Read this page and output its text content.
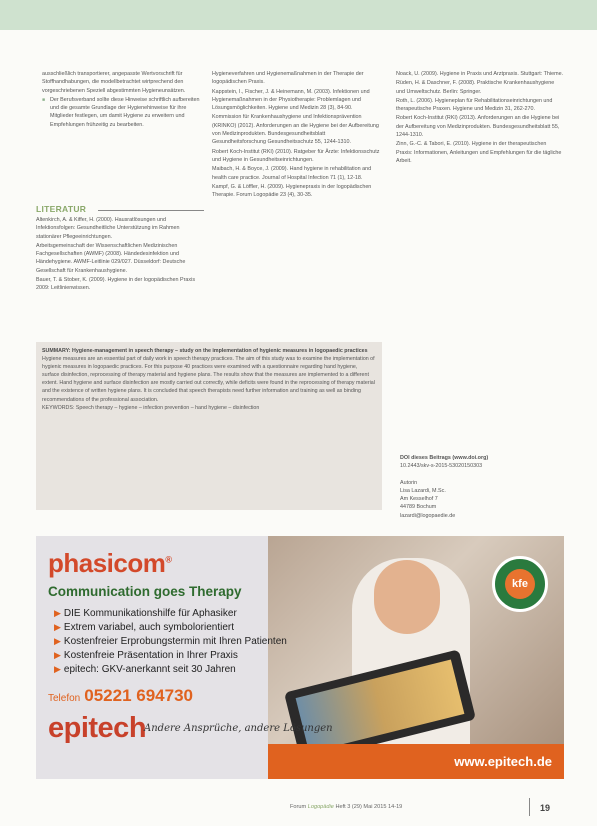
ausschließlich transportierer, angepasste Wertvorschrift für Stoffhandhabungen, die modellbetrachtet wirtprechend den vorgeschriebenen Speziell abgestimmten Hygieneunsätzen.

■ Der Berufsverband sollte diese Hinweise schriftlich aufbereiten und die gesamte Grundlage der Hygienehinweise für ihre Mitglieder festlegen, um damit Hygiene zu erweitern und Empfehlungen frühzeitig zu bearbeiten.

LITERATUR

Altenkirch, A. & Kiffer, H. (2000). Hausratlösungen und Infektionsfolgen: Gesundheitliche Unterstützung im Rahmen stationärer Pflegeeinrichtungen.

Arbeitsgemeinschaft der Wissenschaftlichen Medizinischen Fachgesellschaften (AWMF) (2008). Händedesinfektion und Händehygiene. AWMF-Leitlinie 029/027. Düsseldorf: Deutsche Gesellschaft für Krankenhaushygiene.

Bauer, T. & Stober, K. (2009). Hygiene in der logopädischen Praxis 2009: Leitlinienwissen.

Hygieneverfahren und Hygienemaßnahmen in der Therapie der logopädischen Praxis.

Kappstein, I., Fischer, J. & Heinemann, M. (2003). Infektionen und Hygienemaßnahmen in der Physiotherapie: Problemlagen und Lösungsmöglichkeiten. Hygiene und Medizin 28 (3), 84-90.

Kommission für Krankenhaushygiene und Infektionsprävention (KRINKO) (2012). Anforderungen an die Hygiene bei der Aufbereitung von Medizinprodukten. Bundesgesundheitsblatt Gesundheitsforschung Gesundheitsschutz 55, 1244-1310.

Robert Koch-Institut (RKI) (2010). Ratgeber für Ärzte: Infektionsschutz und Hygiene in Gesundheitseinrichtungen.

Maibach, H. & Boyce, J. (2009). Hand hygiene in rehabilitation and health care practice. Journal of Hospital Infection 71 (1), 12-18.

Kampf, G. & Löffler, H. (2009). Hygienepraxis in der logopädischen Therapie. Forum Logopädie 23 (4), 30-35.

Noack, U. (2009). Hygiene in Praxis und Arztpraxis. Stuttgart: Thieme.

Rüden, H. & Daschner, F. (2008). Praktische Krankenhaushygiene und Umweltschutz. Berlin: Springer.

Roth, L. (2006). Hygieneplan für Rehabilitationseinrichtungen und therapeutische Praxen. Hygiene und Medizin 31, 262-270.

Robert Koch-Institut (RKI) (2013). Anforderungen an die Hygiene bei der Aufbereitung von Medizinprodukten. Bundesgesundheitsblatt 55, 1244-1310.

Zinn, G.-C. & Tabori, E. (2010). Hygiene in der therapeutischen Praxis: Informationen, Anleitungen und Empfehlungen für die tägliche Arbeit.

SUMMARY: Hygiene-management in speech therapy – study on the implementation of hygienic measures in logopaedic practices
Hygiene measures are an essential part of daily work in speech therapy practices. The aim of this study was to examine the implementation of hygienic measures in logopaedic practices. For this purpose 40 practices were examined with a questionnaire regarding hand hygiene, surface disinfection, reprocessing of therapy material and hygiene plans. The results show that the measures are implemented to a different extent. Hand hygiene and surface disinfection are mostly carried out correctly, while deficits were found in the reprocessing of therapy material and the existence of written hygiene plans. It is concluded that speech therapists need further information and training as well as binding recommendations of the professional association.
KEYWORDS: Speech therapy – hygiene – infection prevention – hand hygiene – disinfection
DOI dieses Beitrags (www.doi.org)
10.2443/skv-s-2015-53020150303
Autorin
Lisa Lazardi, M.Sc.
Am Kesselhof 7
44789 Bochum
lazardi@logopaedie.de
kfe
www.epitech.de
phasicom®
Communication goes Therapy
▶ DIE Kommunikationshilfe für Aphasiker
▶ Extrem variabel, auch symbolorientiert
▶ Kostenfreier Erprobungstermin mit Ihren Patienten
▶ Kostenfreie Präsentation in Ihrer Praxis
▶ epitech: GKV-anerkannt seit 30 Jahren
Telefon 05221 694730
epitech
Andere Ansprüche, andere Lösungen
Forum Logopädie Heft 3 (29) Mai 2015 14-19	19
